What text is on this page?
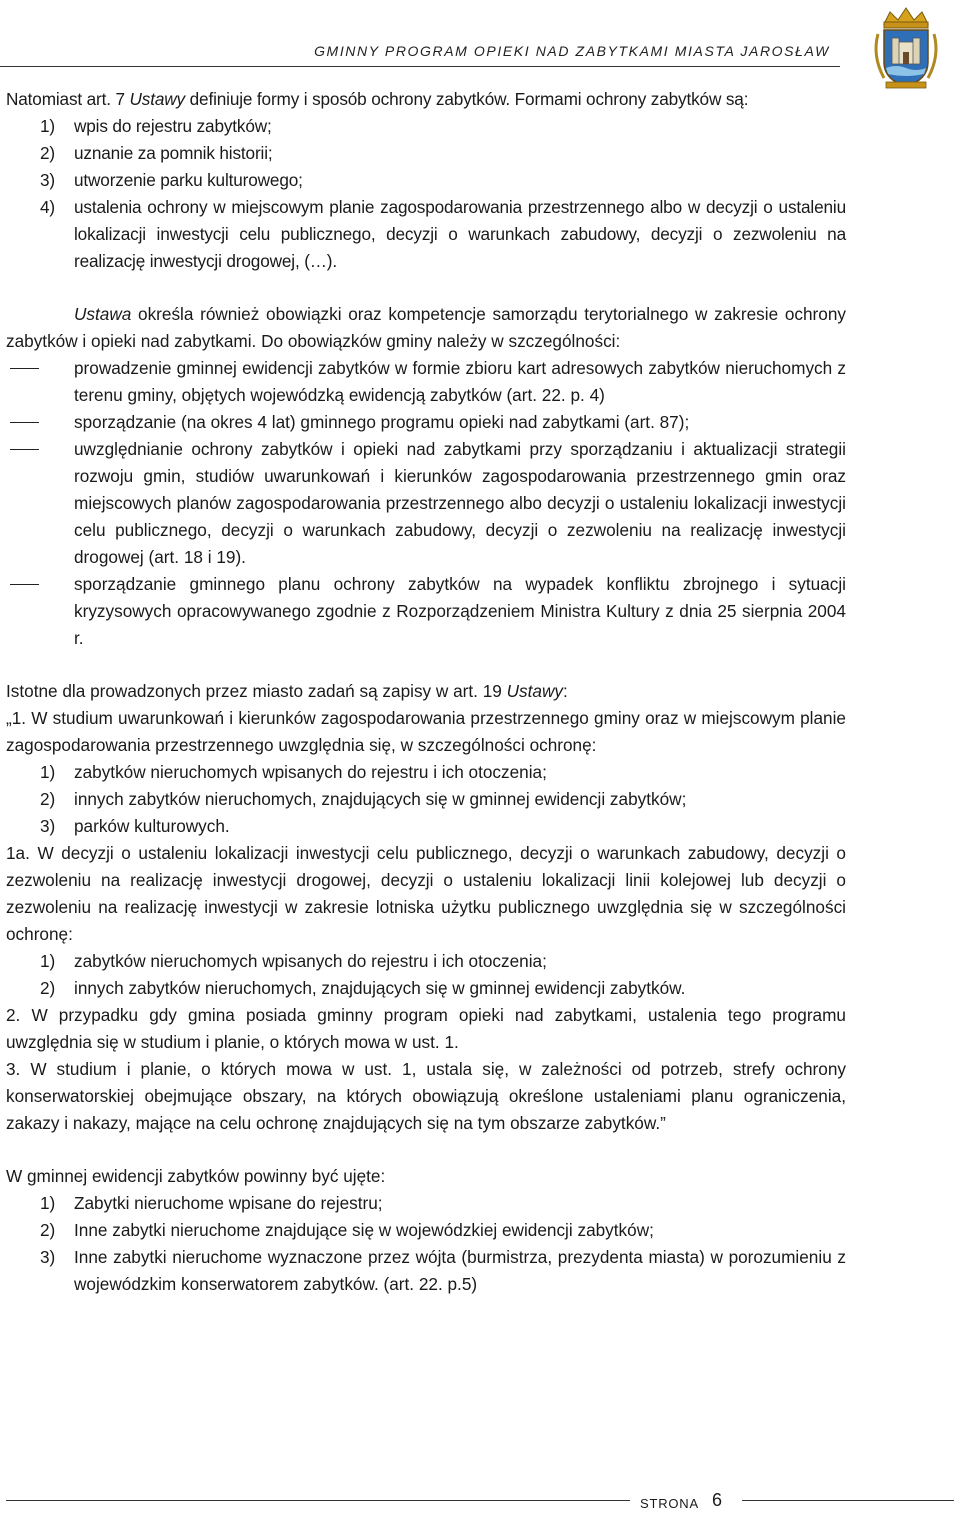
GMINNY PROGRAM OPIEKI NAD ZABYTKAMI MIASTA JAROSŁAW

Natomiast art. 7 Ustawy definiuje formy i sposób ochrony zabytków. Formami ochrony zabytków są:

1) wpis do rejestru zabytków;
2) uznanie za pomnik historii;
3) utworzenie parku kulturowego;
4) ustalenia ochrony w miejscowym planie zagospodarowania przestrzennego albo w decyzji o ustaleniu lokalizacji inwestycji celu publicznego, decyzji o warunkach zabudowy, decyzji o zezwoleniu na realizację inwestycji drogowej, (…).

Ustawa określa również obowiązki oraz kompetencje samorządu terytorialnego w zakresie ochrony zabytków i opieki nad zabytkami. Do obowiązków gminy należy w szczególności:

prowadzenie gminnej ewidencji zabytków w formie zbioru kart adresowych zabytków nieruchomych z terenu gminy, objętych wojewódzką ewidencją zabytków (art. 22. p. 4)
sporządzanie (na okres 4 lat) gminnego programu opieki nad zabytkami (art. 87);
uwzględnianie ochrony zabytków i opieki nad zabytkami przy sporządzaniu i aktualizacji strategii rozwoju gmin, studiów uwarunkowań i kierunków zagospodarowania przestrzennego gmin oraz miejscowych planów zagospodarowania przestrzennego albo decyzji o ustaleniu lokalizacji inwestycji celu publicznego, decyzji o warunkach zabudowy, decyzji o zezwoleniu na realizację inwestycji drogowej (art. 18 i 19).
sporządzanie gminnego planu ochrony zabytków na wypadek konfliktu zbrojnego i sytuacji kryzysowych opracowywanego zgodnie z Rozporządzeniem Ministra Kultury z dnia 25 sierpnia 2004 r.

Istotne dla prowadzonych przez miasto zadań są zapisy w art. 19 Ustawy:

„1. W studium uwarunkowań i kierunków zagospodarowania przestrzennego gminy oraz w miejscowym planie zagospodarowania przestrzennego uwzględnia się, w szczególności ochronę:

1) zabytków nieruchomych wpisanych do rejestru i ich otoczenia;
2) innych zabytków nieruchomych, znajdujących się w gminnej ewidencji zabytków;
3) parków kulturowych.

1a. W decyzji o ustaleniu lokalizacji inwestycji celu publicznego, decyzji o warunkach zabudowy, decyzji o zezwoleniu na realizację inwestycji drogowej, decyzji o ustaleniu lokalizacji linii kolejowej lub decyzji o zezwoleniu na realizację inwestycji w zakresie lotniska użytku publicznego uwzględnia się w szczególności ochronę:

1) zabytków nieruchomych wpisanych do rejestru i ich otoczenia;
2) innych zabytków nieruchomych, znajdujących się w gminnej ewidencji zabytków.

2. W przypadku gdy gmina posiada gminny program opieki nad zabytkami, ustalenia tego programu uwzględnia się w studium i planie, o których mowa w ust. 1.

3. W studium i planie, o których mowa w ust. 1, ustala się, w zależności od potrzeb, strefy ochrony konserwatorskiej obejmujące obszary, na których obowiązują określone ustaleniami planu ograniczenia, zakazy i nakazy, mające na celu ochronę znajdujących się na tym obszarze zabytków.”

W gminnej ewidencji zabytków powinny być ujęte:

1) Zabytki nieruchome wpisane do rejestru;
2) Inne zabytki nieruchome znajdujące się w wojewódzkiej ewidencji zabytków;
3) Inne zabytki nieruchome wyznaczone przez wójta (burmistrza, prezydenta miasta) w porozumieniu z wojewódzkim konserwatorem zabytków. (art. 22. p.5)
STRONA 6
